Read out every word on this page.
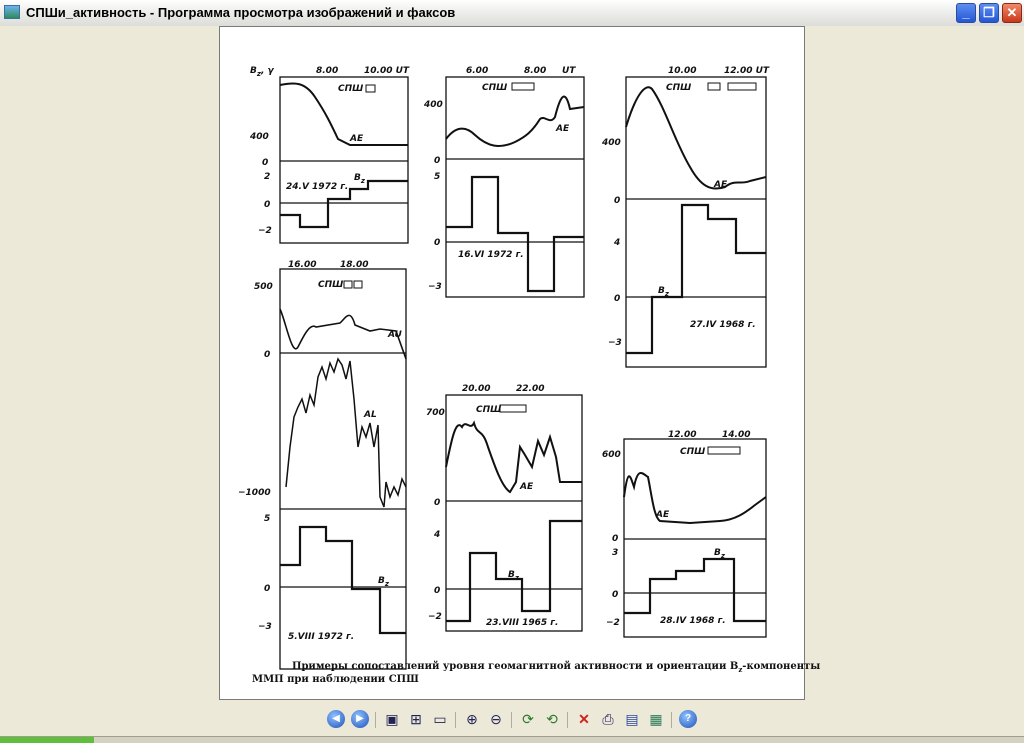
СПШи_активность - Программа просмотра изображений и факсов	_	❐ ✕
$B_z$, γ	8.00	10.00 UT
СПШ
AE
400
0
24.V 1972 г.
$B_z$
2
0
−2
6.00	8.00 UT
СПШ
AE
400
0
16.VI 1972 г.
5
0
−3
10.00	12.00 UT
СПШ
AE
400
0
$B_z$
27.IV 1968 г.
4
0
−3
16.00	18.00
СПШ
AU
AL
500
0
−1000
$B_z$
5.VIII 1972 г.
5
0
−3
20.00	22.00
СПШ
AE
700
0
$B_z$
23.VIII 1965 г.
4
0
−2
12.00	14.00
СПШ
AE
600
0
$B_z$
28.IV 1968 г.
3
0
−2
Примеры сопоставлений уровня геомагнитной активности и ориентации $B_z$-компоненты
ММП при наблюдении СПШ
◀	▶	▣ ⊞ ▭ ⊕ ⊖ ⟳ ⟲ ✕ ⎙ ▤ ▦	?
